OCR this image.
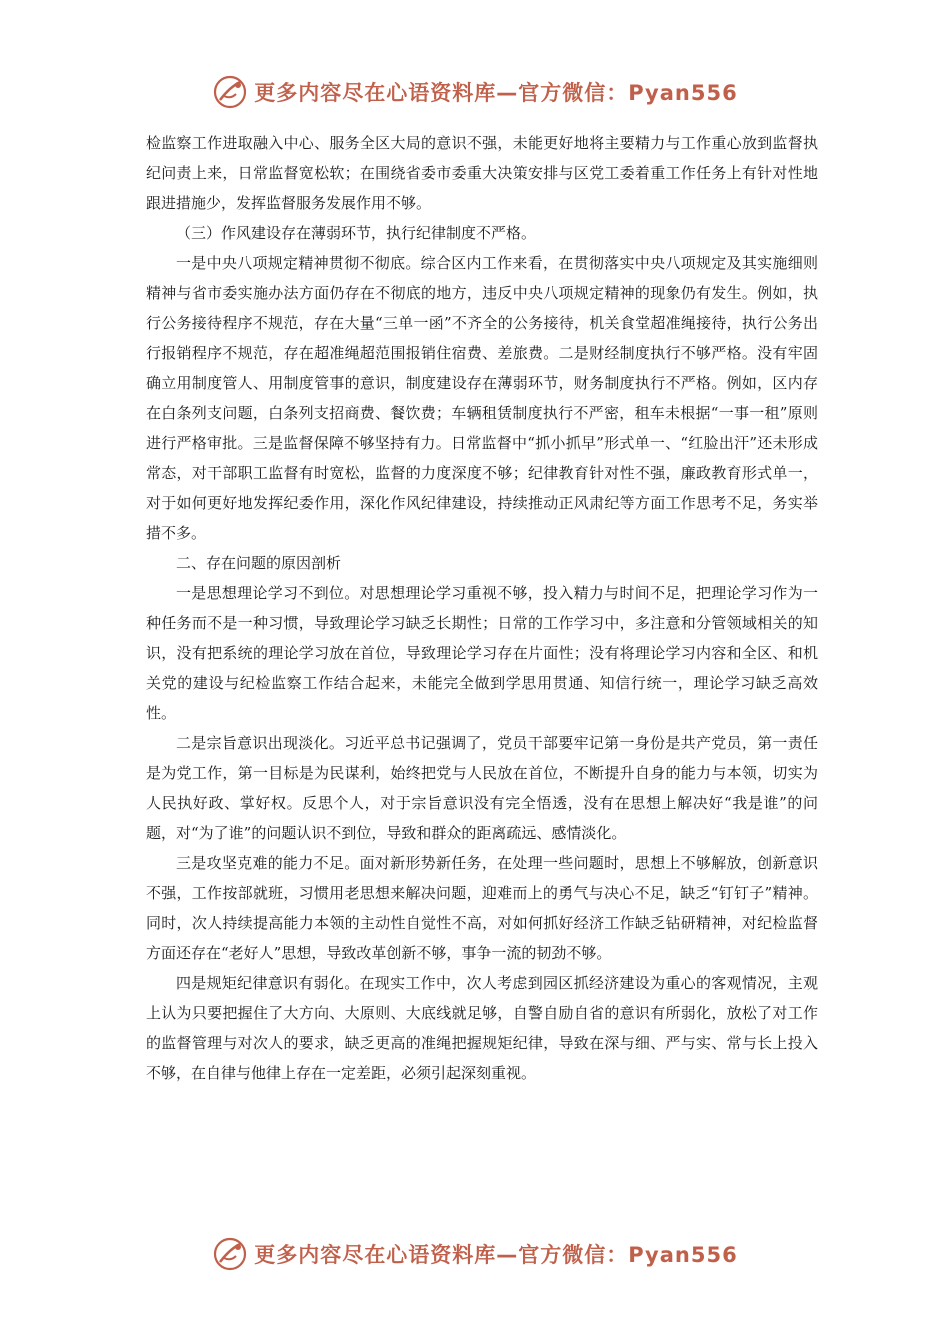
更多内容尽在心语资料库—官方微信：Pyan556

检监察工作进取融入中心、服务全区大局的意识不强，未能更好地将主要精力与工作重心放到监督执纪问责上来，日常监督宽松软；在围绕省委市委重大决策安排与区党工委着重工作任务上有针对性地跟进措施少，发挥监督服务发展作用不够。

（三）作风建设存在薄弱环节，执行纪律制度不严格。

一是中央八项规定精神贯彻不彻底。综合区内工作来看，在贯彻落实中央八项规定及其实施细则精神与省市委实施办法方面仍存在不彻底的地方，违反中央八项规定精神的现象仍有发生。例如，执行公务接待程序不规范，存在大量“三单一函”不齐全的公务接待，机关食堂超准绳接待，执行公务出行报销程序不规范，存在超准绳超范围报销住宿费、差旅费。二是财经制度执行不够严格。没有牢固确立用制度管人、用制度管事的意识，制度建设存在薄弱环节，财务制度执行不严格。例如，区内存在白条列支问题，白条列支招商费、餐饮费；车辆租赁制度执行不严密，租车未根据“一事一租”原则进行严格审批。三是监督保障不够坚持有力。日常监督中“抓小抓早”形式单一、“红脸出汗”还未形成常态，对干部职工监督有时宽松，监督的力度深度不够；纪律教育针对性不强，廉政教育形式单一，对于如何更好地发挥纪委作用，深化作风纪律建设，持续推动正风肃纪等方面工作思考不足，务实举措不多。

二、存在问题的原因剖析

一是思想理论学习不到位。对思想理论学习重视不够，投入精力与时间不足，把理论学习作为一种任务而不是一种习惯，导致理论学习缺乏长期性；日常的工作学习中，多注意和分管领域相关的知识，没有把系统的理论学习放在首位，导致理论学习存在片面性；没有将理论学习内容和全区、和机关党的建设与纪检监察工作结合起来，未能完全做到学思用贯通、知信行统一，理论学习缺乏高效性。

二是宗旨意识出现淡化。习近平总书记强调了，党员干部要牢记第一身份是共产党员，第一责任是为党工作，第一目标是为民谋利，始终把党与人民放在首位，不断提升自身的能力与本领，切实为人民执好政、掌好权。反思个人，对于宗旨意识没有完全悟透，没有在思想上解决好“我是谁”的问题，对“为了谁”的问题认识不到位，导致和群众的距离疏远、感情淡化。

三是攻坚克难的能力不足。面对新形势新任务，在处理一些问题时，思想上不够解放，创新意识不强，工作按部就班，习惯用老思想来解决问题，迎难而上的勇气与决心不足，缺乏“钉钉子”精神。同时，次人持续提高能力本领的主动性自觉性不高，对如何抓好经济工作缺乏钻研精神，对纪检监督方面还存在“老好人”思想，导致改革创新不够，事争一流的韧劲不够。

四是规矩纪律意识有弱化。在现实工作中，次人考虑到园区抓经济建设为重心的客观情况，主观上认为只要把握住了大方向、大原则、大底线就足够，自警自励自省的意识有所弱化，放松了对工作的监督管理与对次人的要求，缺乏更高的准绳把握规矩纪律，导致在深与细、严与实、常与长上投入不够，在自律与他律上存在一定差距，必须引起深刻重视。

更多内容尽在心语资料库—官方微信：Pyan556
